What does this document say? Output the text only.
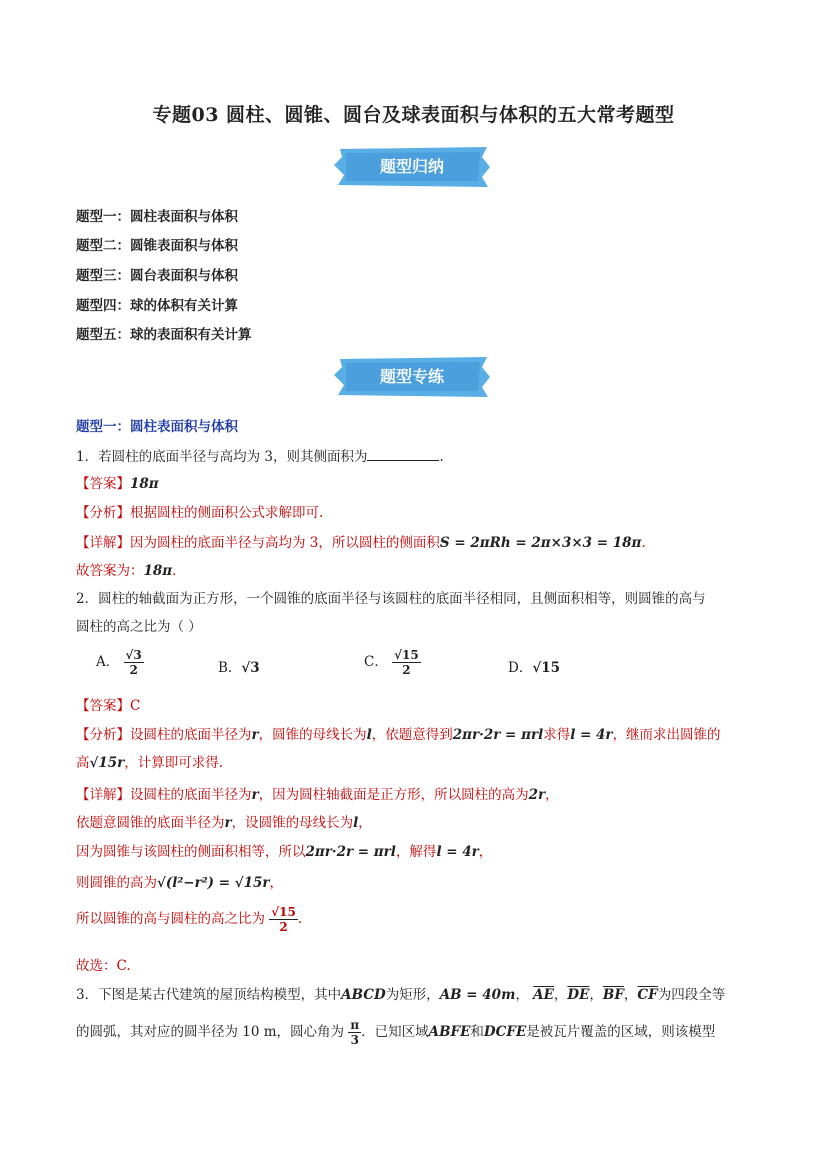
专题03 圆柱、圆锥、圆台及球表面积与体积的五大常考题型
题型归纳
题型一：圆柱表面积与体积
题型二：圆锥表面积与体积
题型三：圆台表面积与体积
题型四：球的体积有关计算
题型五：球的表面积有关计算
题型专练
题型一：圆柱表面积与体积
1．若圆柱的底面半径与高均为 3，则其侧面积为	.
【答案】18π
【分析】根据圆柱的侧面积公式求解即可.
【详解】因为圆柱的底面半径与高均为 3，所以圆柱的侧面积S = 2πRh = 2π×3×3 = 18π.
故答案为：18π.
2．圆柱的轴截面为正方形，一个圆锥的底面半径与该圆柱的底面半径相同，且侧面积相等，则圆锥的高与
圆柱的高之比为（ ）
A． $\frac{√3}{2}$	B．√3	C． $\frac{√15}{2}$	D．√15
【答案】C
【分析】设圆柱的底面半径为r，圆锥的母线长为l，依题意得到2πr·2r = πrl求得l = 4r，继而求出圆锥的
高√15r，计算即可求得.
【详解】设圆柱的底面半径为r，因为圆柱轴截面是正方形，所以圆柱的高为2r，
依题意圆锥的底面半径为r，设圆锥的母线长为l，
因为圆锥与该圆柱的侧面积相等，所以2πr·2r = πrl，解得l = 4r，
则圆锥的高为√(l²−r²) = √15r，
所以圆锥的高与圆柱的高之比为 $\frac{√15}{2}$ .
故选：C.
3．下图是某古代建筑的屋顶结构模型，其中ABCD为矩形，AB = 40m， $\overline{AE}$，$\overline{DE}$，$\overline{BF}$，$\overline{CF}$为四段全等
的圆弧，其对应的圆半径为 10 m，圆心角为 $\frac{\pi}{3}$ ．已知区域ABFE和DCFE是被瓦片覆盖的区域，则该模型
